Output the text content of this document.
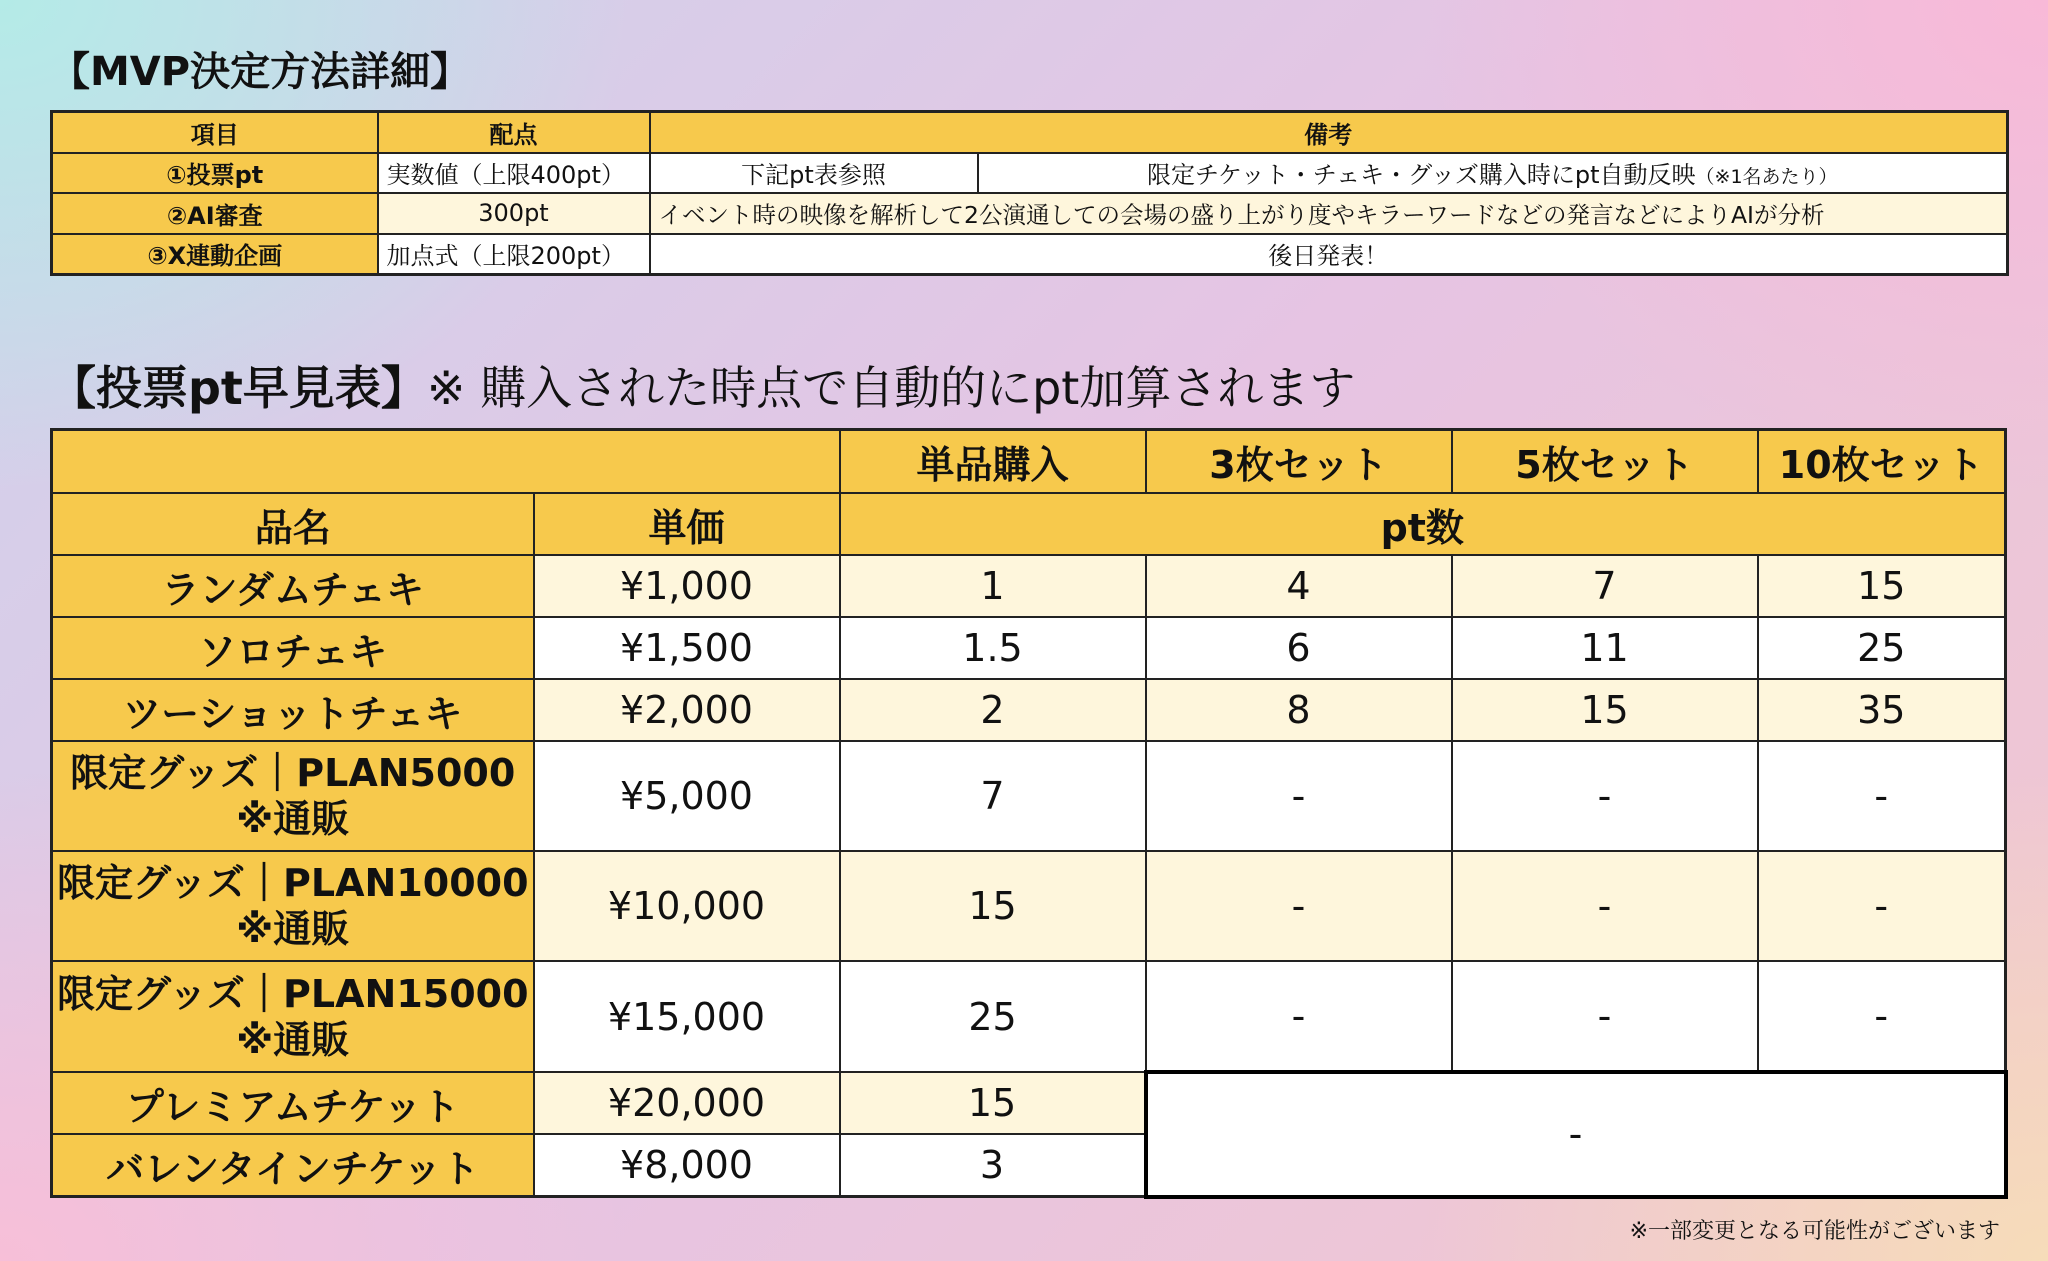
【MVP決定方法詳細】
項目	配点	備考	
①投票pt	実数値（上限400pt）	下記pt表参照	限定チケット・チェキ・グッズ購入時にpt自動反映（※1名あたり）
②AI審査	300pt	イベント時の映像を解析して2公演通しての会場の盛り上がり度やキラーワードなどの発言などによりAIが分析	
③X連動企画	加点式（上限200pt）	後日発表！	
【投票pt早見表】※ 購入された時点で自動的にpt加算されます
		単品購入	3枚セット	5枚セット	10枚セット
品名	単価	pt数			
ランダムチェキ	¥1,000	1	4	7	15
ソロチェキ	¥1,500	1.5	6	11	25
ツーショットチェキ	¥2,000	2	8	15	35

限定グッズ｜PLAN5000
※通販	¥5,000	7	-	-	-

限定グッズ｜PLAN10000
※通販	¥10,000	15	-	-	-

限定グッズ｜PLAN15000
※通販	¥15,000	25	-	-	-
プレミアムチケット	¥20,000	15	-		
バレンタインチケット	¥8,000	3			
※一部変更となる可能性がございます
